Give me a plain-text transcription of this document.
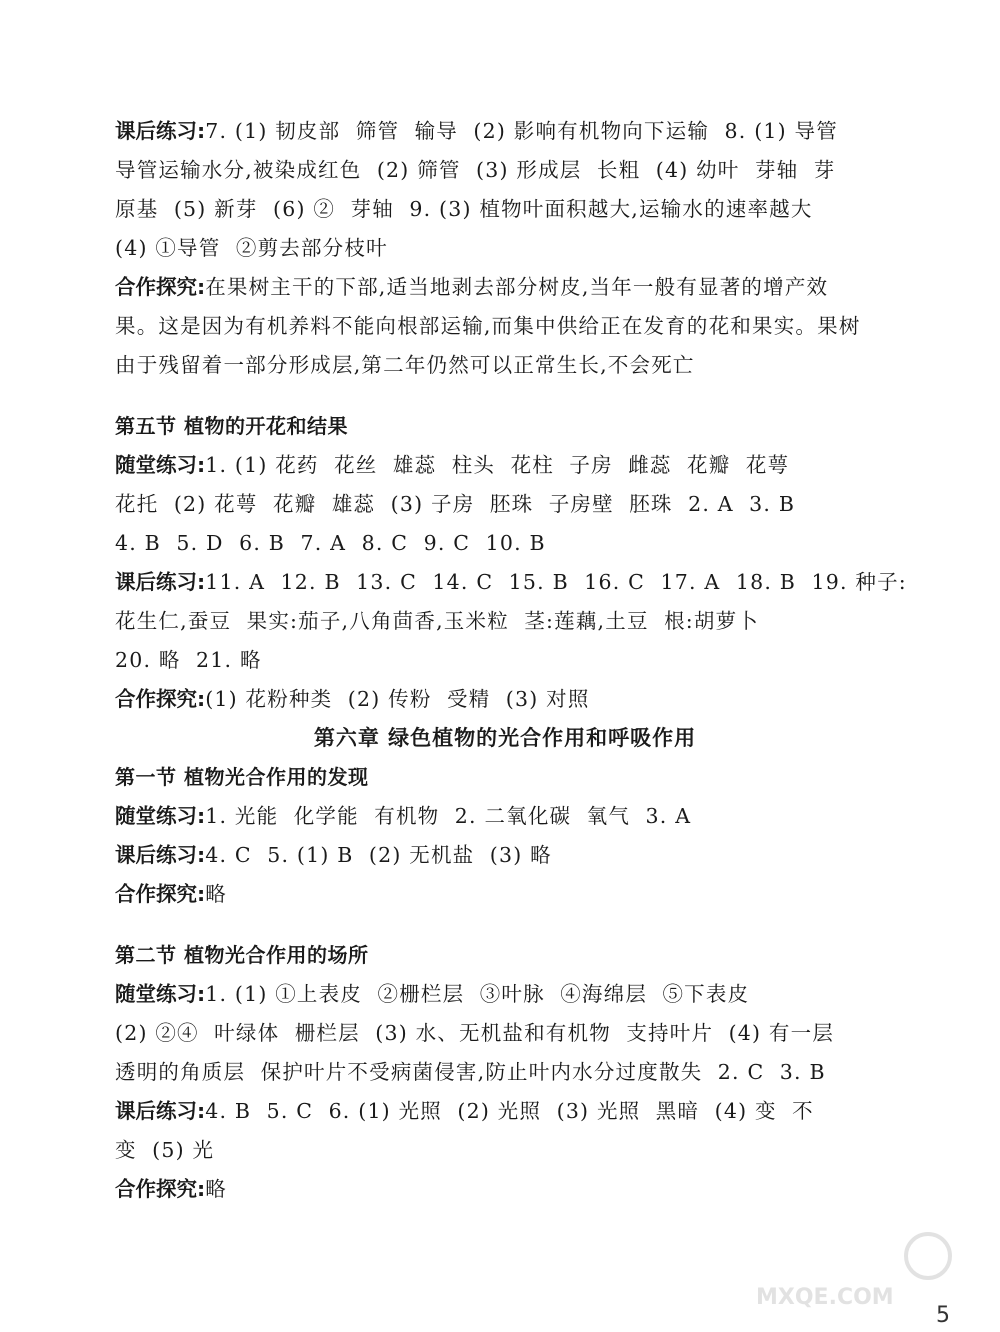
课后练习:7. (1) 韧皮部  筛管  输导  (2) 影响有机物向下运输  8. (1) 导管
导管运输水分,被染成红色  (2) 筛管  (3) 形成层  长粗  (4) 幼叶  芽轴  芽
原基  (5) 新芽  (6) ②  芽轴  9. (3) 植物叶面积越大,运输水的速率越大
(4) ①导管  ②剪去部分枝叶
合作探究:在果树主干的下部,适当地剥去部分树皮,当年一般有显著的增产效
果。这是因为有机养料不能向根部运输,而集中供给正在发育的花和果实。果树
由于残留着一部分形成层,第二年仍然可以正常生长,不会死亡
第五节 植物的开花和结果
随堂练习:1. (1) 花药  花丝  雄蕊  柱头  花柱  子房  雌蕊  花瓣  花萼
花托  (2) 花萼  花瓣  雄蕊  (3) 子房  胚珠  子房壁  胚珠  2. A  3. B
4. B  5. D  6. B  7. A  8. C  9. C  10. B
课后练习:11. A  12. B  13. C  14. C  15. B  16. C  17. A  18. B  19. 种子:
花生仁,蚕豆  果实:茄子,八角茴香,玉米粒  茎:莲藕,土豆  根:胡萝卜
20. 略  21. 略
合作探究:(1) 花粉种类  (2) 传粉  受精  (3) 对照
第六章 绿色植物的光合作用和呼吸作用
第一节 植物光合作用的发现
随堂练习:1. 光能  化学能  有机物  2. 二氧化碳  氧气  3. A
课后练习:4. C  5. (1) B  (2) 无机盐  (3) 略
合作探究:略
第二节 植物光合作用的场所
随堂练习:1. (1) ①上表皮  ②栅栏层  ③叶脉  ④海绵层  ⑤下表皮
(2) ②④  叶绿体  栅栏层  (3) 水、无机盐和有机物  支持叶片  (4) 有一层
透明的角质层  保护叶片不受病菌侵害,防止叶内水分过度散失  2. C  3. B
课后练习:4. B  5. C  6. (1) 光照  (2) 光照  (3) 光照  黑暗  (4) 变  不
变  (5) 光
合作探究:略
MXQE.COM
5
